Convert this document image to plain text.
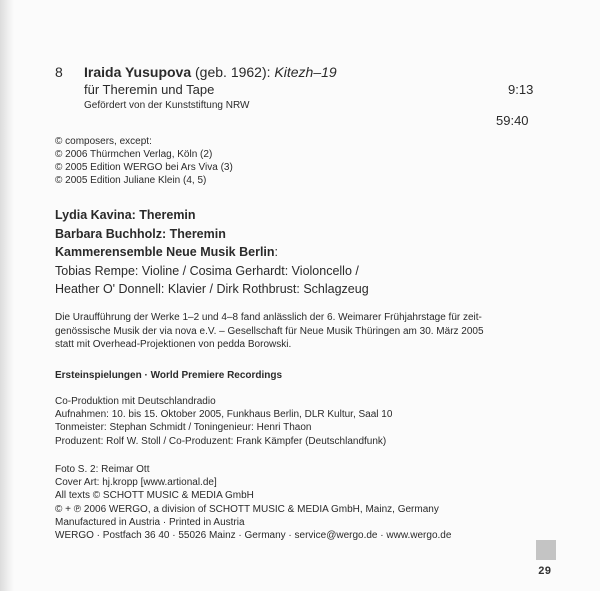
8 Iraida Yusupova (geb. 1962): Kitezh–19
für Theremin und Tape
Gefördert von der Kunststiftung NRW
9:13
59:40
© composers, except:
© 2006 Thürmchen Verlag, Köln (2)
© 2005 Edition WERGO bei Ars Viva (3)
© 2005 Edition Juliane Klein (4, 5)
Lydia Kavina: Theremin
Barbara Buchholz: Theremin
Kammerensemble Neue Musik Berlin:
Tobias Rempe: Violine / Cosima Gerhardt: Violoncello /
Heather O' Donnell: Klavier / Dirk Rothbrust: Schlagzeug
Die Uraufführung der Werke 1–2 und 4–8 fand anlässlich der 6. Weimarer Frühjahrstage für zeit-
genössische Musik der via nova e.V. – Gesellschaft für Neue Musik Thüringen am 30. März 2005
statt mit Overhead-Projektionen von pedda Borowski.
Ersteinspielungen · World Premiere Recordings
Co-Produktion mit Deutschlandradio
Aufnahmen: 10. bis 15. Oktober 2005, Funkhaus Berlin, DLR Kultur, Saal 10
Tonmeister: Stephan Schmidt / Toningenieur: Henri Thaon
Produzent: Rolf W. Stoll / Co-Produzent: Frank Kämpfer (Deutschlandfunk)
Foto S. 2: Reimar Ott
Cover Art: hj.kropp [www.artional.de]
All texts © SCHOTT MUSIC & MEDIA GmbH
© + ℗ 2006 WERGO, a division of SCHOTT MUSIC & MEDIA GmbH, Mainz, Germany
Manufactured in Austria · Printed in Austria
WERGO · Postfach 36 40 · 55026 Mainz · Germany · service@wergo.de · www.wergo.de
29
